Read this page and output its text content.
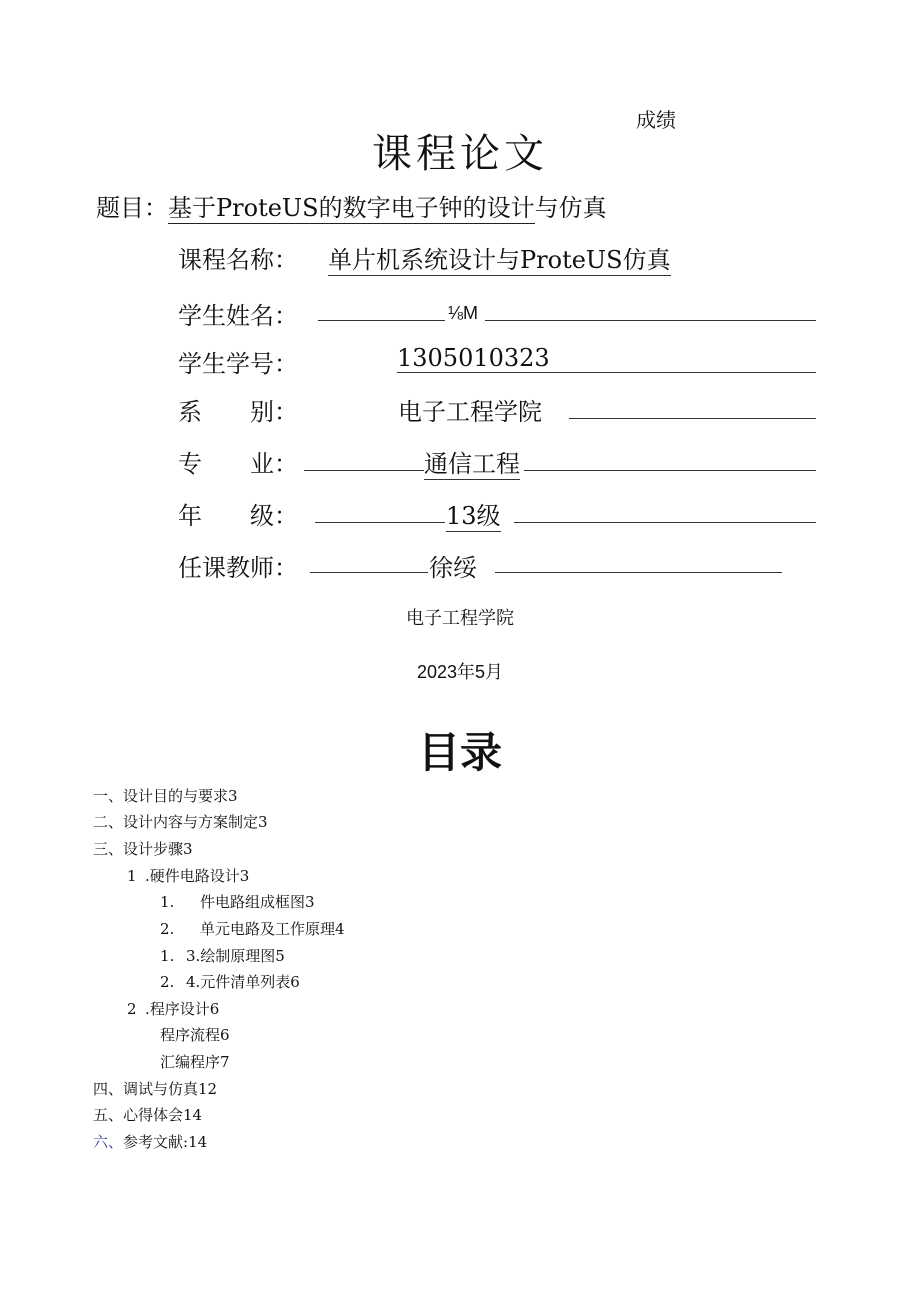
成绩
课程论文
题目：基于ProteUS的数字电子钟的设计与仿真
课程名称： 单片机系统设计与ProteUS仿真
学生姓名：	⅛M
学生学号：	1305010323
系　　别：	电子工程学院
专　　业：	通信工程
年　　级：	13级
任课教师：	徐绥
电子工程学院
2023年5月
目录
一、设计目的与要求3
二、设计内容与方案制定3
三、设计步骤3
1 .硬件电路设计3
1. 件电路组成框图3
2. 单元电路及工作原理4
1. 3.绘制原理图5
2. 4.元件清单列表6
2 .程序设计6
程序流程6
汇编程序7
四、调试与仿真12
五、心得体会14
六、参考文献:14
